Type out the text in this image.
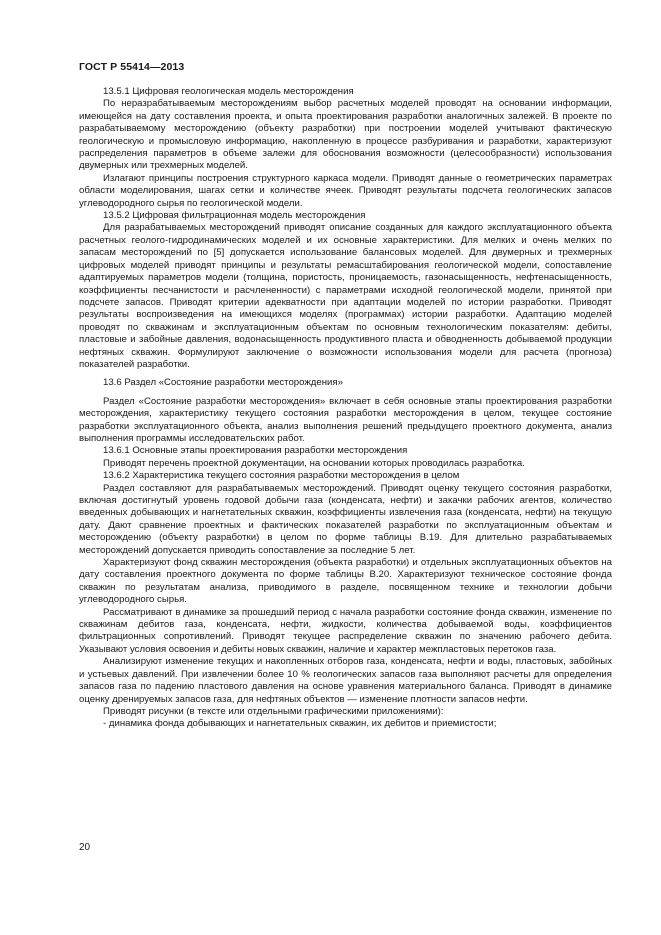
ГОСТ Р 55414—2013

13.5.1 Цифровая геологическая модель месторождения

По неразрабатываемым месторождениям выбор расчетных моделей проводят на основании информации, имеющейся на дату составления проекта, и опыта проектирования разработки аналогичных залежей. В проекте по разрабатываемому месторождению (объекту разработки) при построении моделей учитывают фактическую геологическую и промысловую информацию, накопленную в процессе разбуривания и разработки, характеризуют распределения параметров в объеме залежи для обоснования возможности (целесообразности) использования двумерных или трехмерных моделей.

Излагают принципы построения структурного каркаса модели. Приводят данные о геометрических параметрах области моделирования, шагах сетки и количестве ячеек. Приводят результаты подсчета геологических запасов углеводородного сырья по геологической модели.

13.5.2 Цифровая фильтрационная модель месторождения

Для разрабатываемых месторождений приводят описание созданных для каждого эксплуатационного объекта расчетных геолого-гидродинамических моделей и их основные характеристики. Для мелких и очень мелких по запасам месторождений по [5] допускается использование балансовых моделей. Для двумерных и трехмерных цифровых моделей приводят принципы и результаты ремасштабирования геологической модели, сопоставление адаптируемых параметров модели (толщина, пористость, проницаемость, газонасыщенность, нефтенасыщенность, коэффициенты песчанистости и расчлененности) с параметрами исходной геологической модели, принятой при подсчете запасов. Приводят критерии адекватности при адаптации моделей по истории разработки. Приводят результаты воспроизведения на имеющихся моделях (программах) истории разработки. Адаптацию моделей проводят по скважинам и эксплуатационным объектам по основным технологическим показателям: дебиты, пластовые и забойные давления, водонасыщенность продуктивного пласта и обводненность добываемой продукции нефтяных скважин. Формулируют заключение о возможности использования модели для расчета (прогноза) показателей разработки.

13.6 Раздел «Состояние разработки месторождения»

Раздел «Состояние разработки месторождения» включает в себя основные этапы проектирования разработки месторождения, характеристику текущего состояния разработки месторождения в целом, текущее состояние разработки эксплуатационного объекта, анализ выполнения решений предыдущего проектного документа, анализ выполнения программы исследовательских работ.

13.6.1 Основные этапы проектирования разработки месторождения

Приводят перечень проектной документации, на основании которых проводилась разработка.

13.6.2 Характеристика текущего состояния разработки месторождения в целом

Раздел составляют для разрабатываемых месторождений. Приводят оценку текущего состояния разработки, включая достигнутый уровень годовой добычи газа (конденсата, нефти) и закачки рабочих агентов, количество введенных добывающих и нагнетательных скважин, коэффициенты извлечения газа (конденсата, нефти) на текущую дату. Дают сравнение проектных и фактических показателей разработки по эксплуатационным объектам и месторождению (объекту разработки) в целом по форме таблицы В.19. Для длительно разрабатываемых месторождений допускается приводить сопоставление за последние 5 лет.

Характеризуют фонд скважин месторождения (объекта разработки) и отдельных эксплуатационных объектов на дату составления проектного документа по форме таблицы В.20. Характеризуют техническое состояние фонда скважин по результатам анализа, приводимого в разделе, посвященном технике и технологии добычи углеводородного сырья.

Рассматривают в динамике за прошедший период с начала разработки состояние фонда скважин, изменение по скважинам дебитов газа, конденсата, нефти, жидкости, количества добываемой воды, коэффициентов фильтрационных сопротивлений. Приводят текущее распределение скважин по значению рабочего дебита. Указывают условия освоения и дебиты новых скважин, наличие и характер межпластовых перетоков газа.

Анализируют изменение текущих и накопленных отборов газа, конденсата, нефти и воды, пластовых, забойных и устьевых давлений. При извлечении более 10 % геологических запасов газа выполняют расчеты для определения запасов газа по падению пластового давления на основе уравнения материального баланса. Приводят в динамике оценку дренируемых запасов газа, для нефтяных объектов — изменение плотности запасов нефти.

Приводят рисунки (в тексте или отдельными графическими приложениями):

- динамика фонда добывающих и нагнетательных скважин, их дебитов и приемистости;

20
